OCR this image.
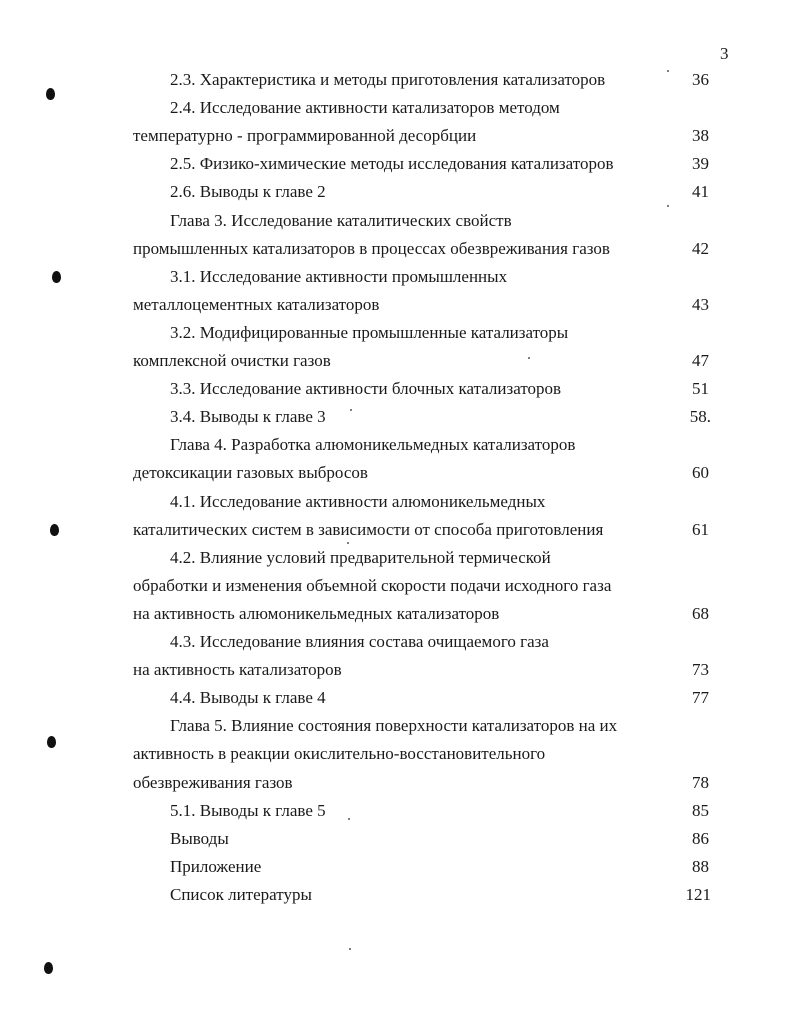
3
2.3. Характеристика и методы приготовления катализаторов	36
2.4. Исследование активности катализаторов методом
температурно - программированной десорбции	38
2.5. Физико-химические методы исследования катализаторов	39
2.6. Выводы к главе 2	41
Глава 3. Исследование каталитических свойств
промышленных катализаторов в процессах обезвреживания газов	42
3.1. Исследование активности промышленных
металлоцементных катализаторов	43
3.2. Модифицированные промышленные катализаторы
комплексной очистки газов	47
3.3. Исследование активности блочных катализаторов	51
3.4. Выводы к главе 3	58.
Глава 4. Разработка алюмоникельмедных катализаторов
детоксикации газовых выбросов	60
4.1. Исследование активности алюмоникельмедных
каталитических систем в зависимости от способа приготовления	61
4.2. Влияние условий предварительной термической
обработки и изменения объемной скорости подачи исходного газа
на активность алюмоникельмедных катализаторов	68
4.3. Исследование влияния состава очищаемого газа
на активность катализаторов	73
4.4. Выводы к главе 4	77
Глава 5. Влияние состояния поверхности катализаторов на их
активность в реакции окислительно-восстановительного
обезвреживания газов	78
5.1. Выводы к главе 5	85
Выводы	86
Приложение	88
Список литературы	121
